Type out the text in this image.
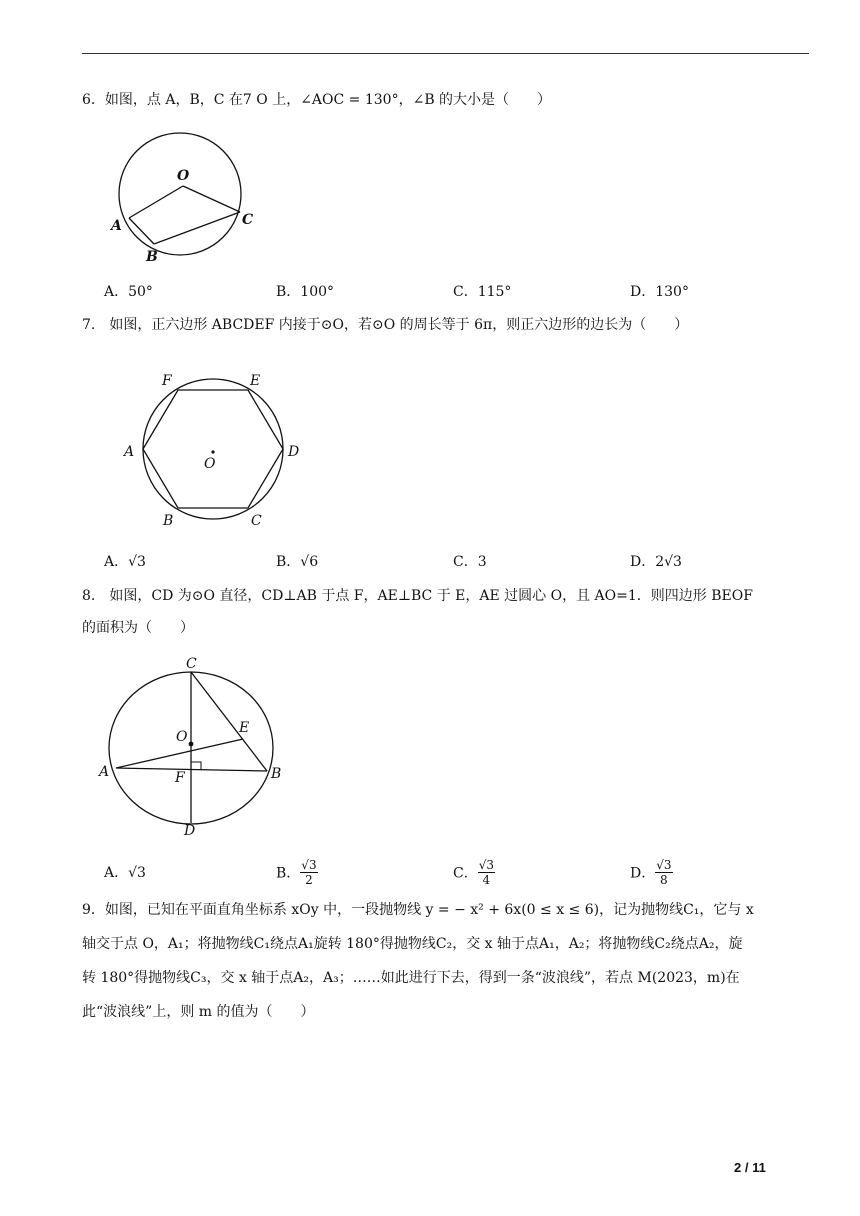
6．如图，点 A，B，C 在7 O 上，∠AOC = 130°，∠B 的大小是（　　）
O
A
B
C
A．50°	B．100°	C．115°	D．130°
7.　如图，正六边形 ABCDEF 内接于⊙O，若⊙O 的周长等于 6π，则正六边形的边长为（　　）
F	E
A	D
O
B	C
A．√3	B．√6	C．3	D．2√3
8.　如图，CD 为⊙O 直径，CD⊥AB 于点 F，AE⊥BC 于 E，AE 过圆心 O，且 AO=1．则四边形 BEOF
的面积为（　　）
C
O
E
A	F	B
D
A．√3	B． $\frac{√3}{2}$	C． $\frac{√3}{4}$	D． $\frac{√3}{8}$
9．如图，已知在平面直角坐标系 xOy 中，一段抛物线 y = − x² + 6x(0 ≤ x ≤ 6)，记为抛物线C₁，它与 x
轴交于点 O，A₁；将抛物线C₁绕点A₁旋转 180°得抛物线C₂，交 x 轴于点A₁，A₂；将抛物线C₂绕点A₂，旋
转 180°得抛物线C₃，交 x 轴于点A₂，A₃；……如此进行下去，得到一条“波浪线”，若点 M(2023，m)在
此“波浪线”上，则 m 的值为（　　）
2 / 11
